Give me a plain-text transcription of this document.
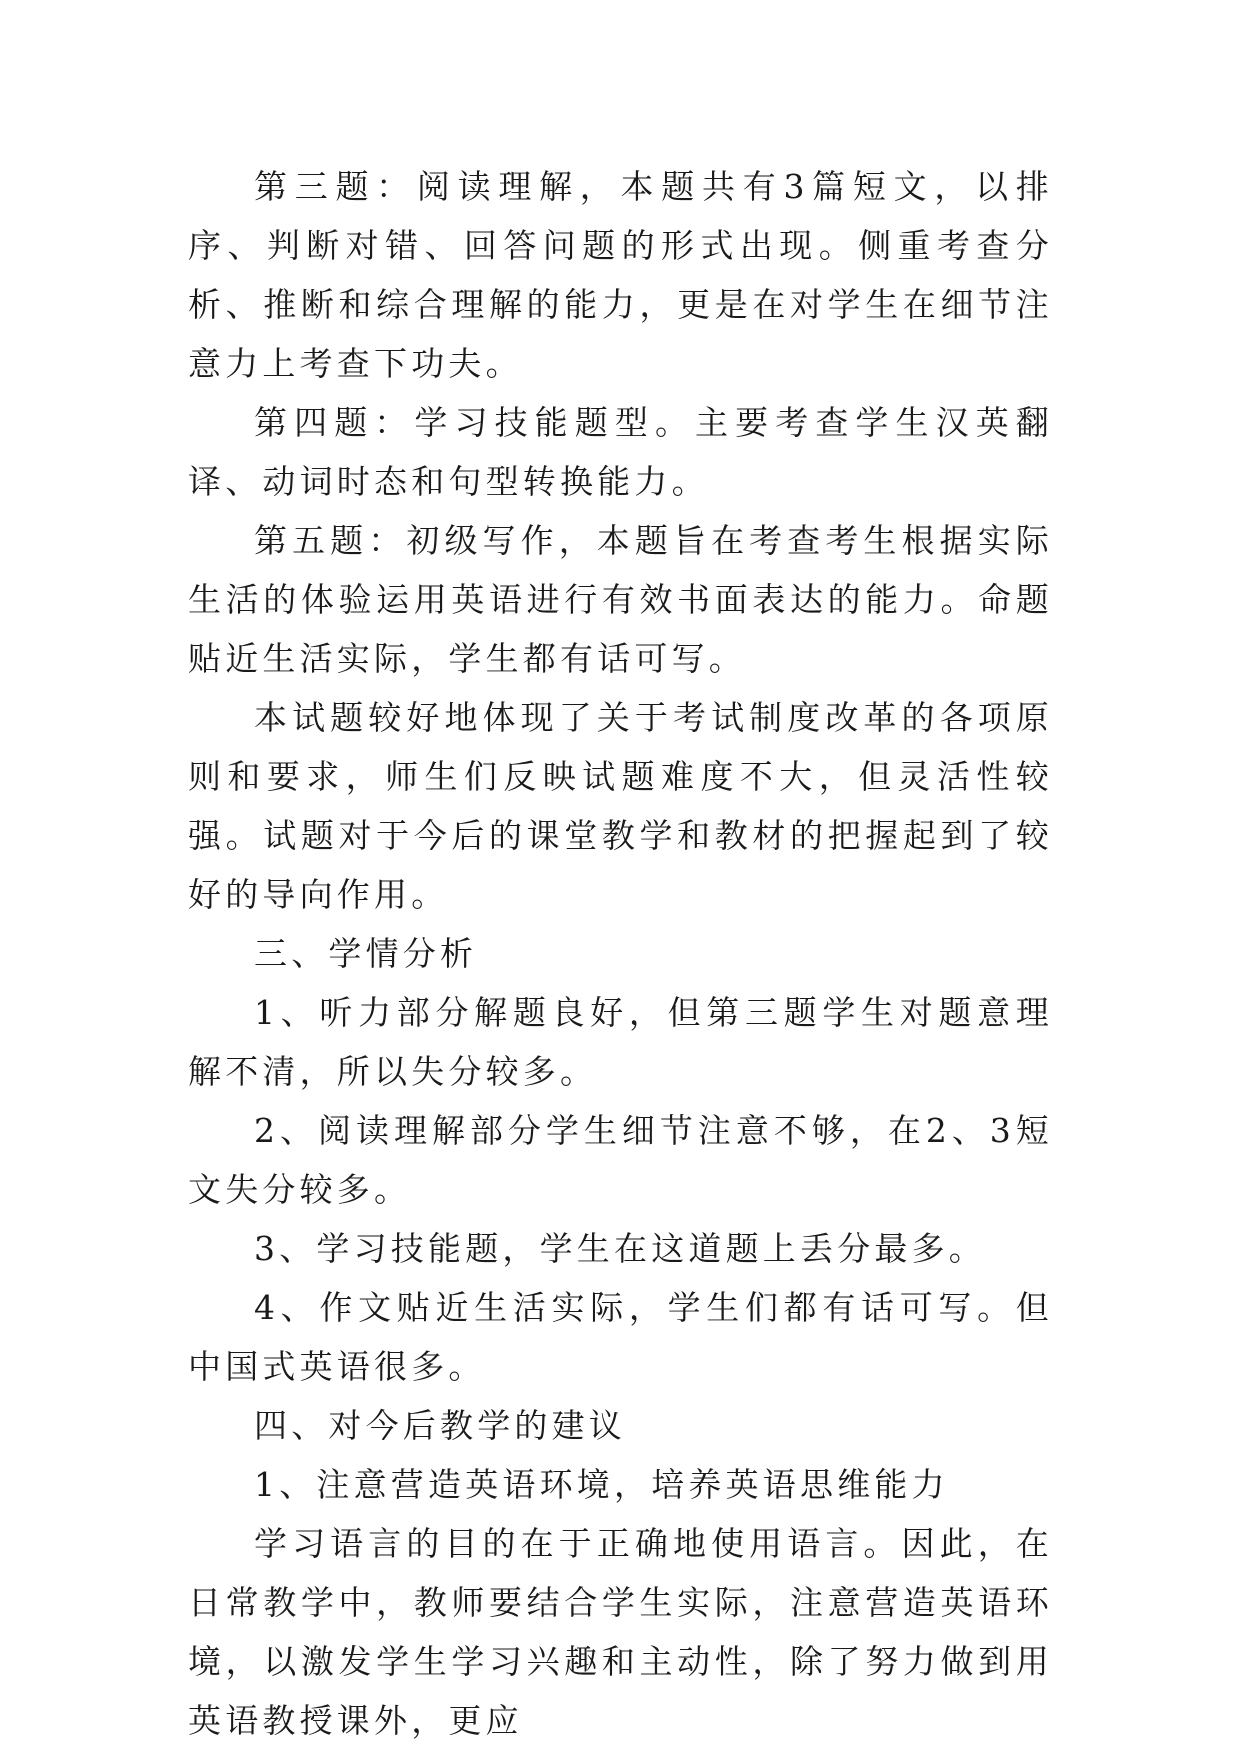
第三题：阅读理解，本题共有3篇短文，以排序、判断对错、回答问题的形式出现。侧重考查分析、推断和综合理解的能力，更是在对学生在细节注意力上考查下功夫。

第四题：学习技能题型。主要考查学生汉英翻译、动词时态和句型转换能力。

第五题：初级写作，本题旨在考查考生根据实际生活的体验运用英语进行有效书面表达的能力。命题贴近生活实际，学生都有话可写。

本试题较好地体现了关于考试制度改革的各项原则和要求，师生们反映试题难度不大，但灵活性较强。试题对于今后的课堂教学和教材的把握起到了较好的导向作用。

三、学情分析

1、听力部分解题良好，但第三题学生对题意理解不清，所以失分较多。

2、阅读理解部分学生细节注意不够，在2、3短文失分较多。

3、学习技能题，学生在这道题上丢分最多。

4、作文贴近生活实际，学生们都有话可写。但中国式英语很多。

四、对今后教学的建议

1、注意营造英语环境，培养英语思维能力

学习语言的目的在于正确地使用语言。因此，在日常教学中，教师要结合学生实际，注意营造英语环境，以激发学生学习兴趣和主动性，除了努力做到用英语教授课外，更应
